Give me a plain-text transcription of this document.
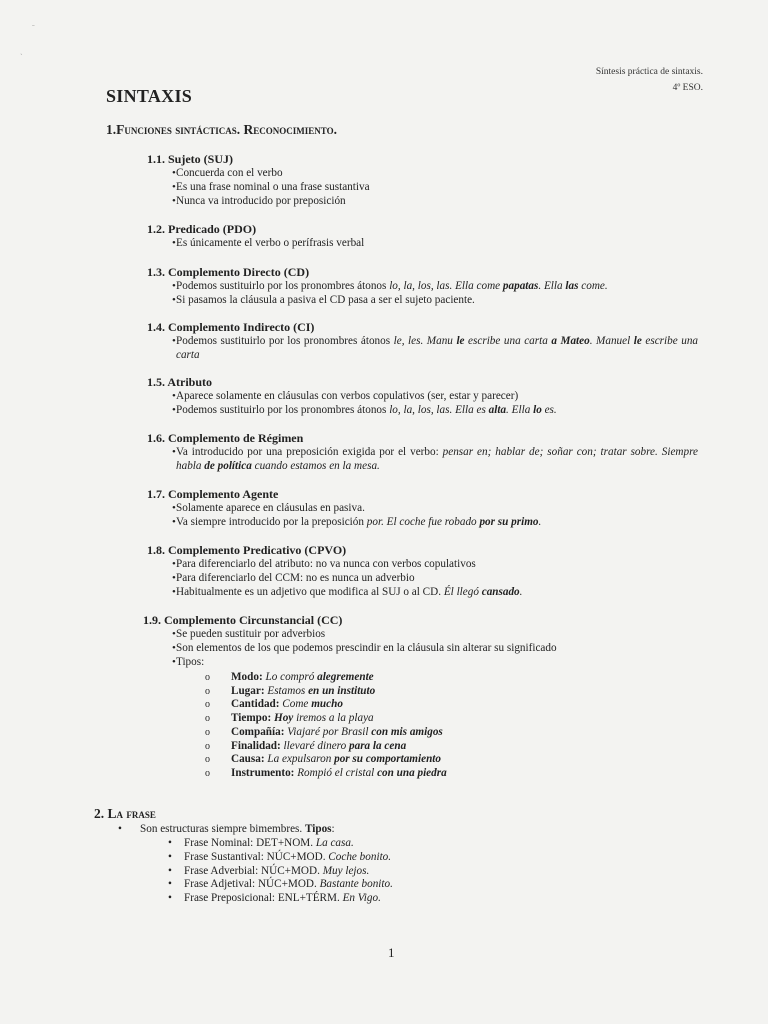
˗
ˏ
Síntesis práctica de sintaxis.
4º ESO.
SINTAXIS
1.Funciones sintácticas. Reconocimiento.
1.1. Sujeto (SUJ)
• Concuerda con el verbo
• Es una frase nominal o una frase sustantiva
• Nunca va introducido por preposición
1.2. Predicado (PDO)
• Es únicamente el verbo o perífrasis verbal
1.3. Complemento Directo (CD)
• Podemos sustituirlo por los pronombres átonos lo, la, los, las. Ella come papatas. Ella las come.
• Si pasamos la cláusula a pasiva el CD pasa a ser el sujeto paciente.
1.4. Complemento Indirecto (CI)
• Podemos sustituirlo por los pronombres átonos le, les. Manu le escribe una carta a Mateo. Manuel le escribe una carta
1.5. Atributo
• Aparece solamente en cláusulas con verbos copulativos (ser, estar y parecer)
• Podemos sustituirlo por los pronombres átonos lo, la, los, las. Ella es alta. Ella lo es.
1.6. Complemento de Régimen
• Va introducido por una preposición exigida por el verbo: pensar en; hablar de; soñar con; tratar sobre. Siempre habla de política cuando estamos en la mesa.
1.7. Complemento Agente
• Solamente aparece en cláusulas en pasiva.
• Va siempre introducido por la preposición por. El coche fue robado por su primo.
1.8. Complemento Predicativo (CPVO)
• Para diferenciarlo del atributo: no va nunca con verbos copulativos
• Para diferenciarlo del CCM: no es nunca un adverbio
• Habitualmente es un adjetivo que modifica al SUJ o al CD. Él llegó cansado.
1.9. Complemento Circunstancial (CC)
• Se pueden sustituir por adverbios
• Son elementos de los que podemos prescindir en la cláusula sin alterar su significado
• Tipos:
o Modo: Lo compró alegremente
o Lugar: Estamos en un instituto
o Cantidad: Come mucho
o Tiempo: Hoy iremos a la playa
o Compañía: Viajaré por Brasil con mis amigos
o Finalidad: llevaré dinero para la cena
o Causa: La expulsaron por su comportamiento
o Instrumento: Rompió el cristal con una piedra
2. La frase
• Son estructuras siempre bimembres. Tipos:
• Frase Nominal: DET+NOM. La casa.
• Frase Sustantival: NÚC+MOD. Coche bonito.
• Frase Adverbial: NÚC+MOD. Muy lejos.
• Frase Adjetival: NÚC+MOD. Bastante bonito.
• Frase Preposicional: ENL+TÉRM. En Vigo.
1
